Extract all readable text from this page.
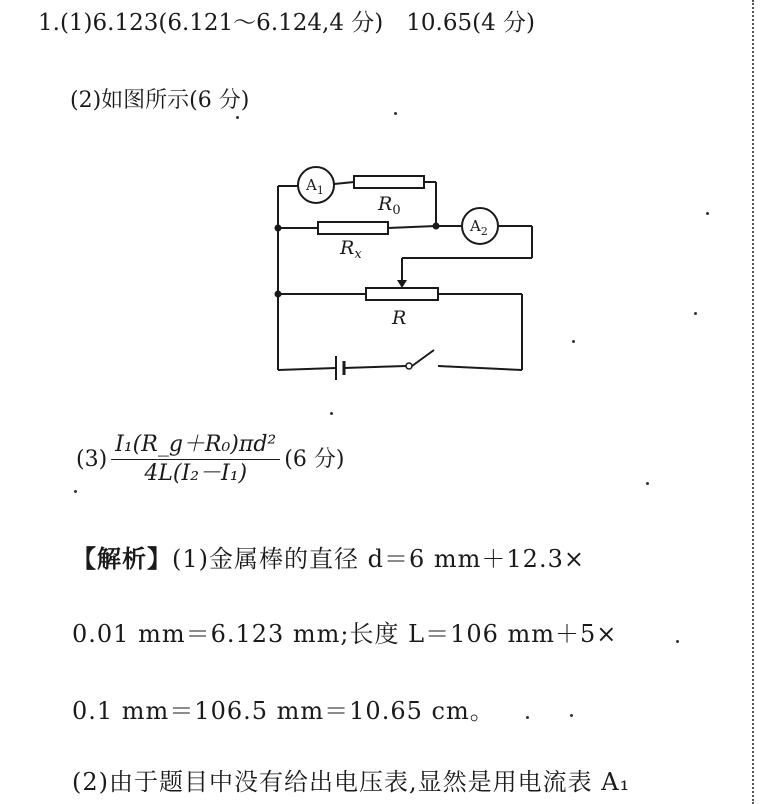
1.(1)6.123(6.121～6.124,4 分)　10.65(4 分)
(2)如图所示(6 分)
$A_1$
$A_2$
$R_0$
$R_x$
R
$(3) \frac{\text{I₁(R\_g＋R₀)πd²}}{\text{4L(I₂－I₁)}} (6$ 分)
【解析】(1)金属棒的直径 d＝6 mm＋12.3×
0.01 mm＝6.123 mm;长度 L＝106 mm＋5×
0.1 mm＝106.5 mm＝10.65 cm。
(2)由于题目中没有给出电压表,显然是用电流表 A₁
